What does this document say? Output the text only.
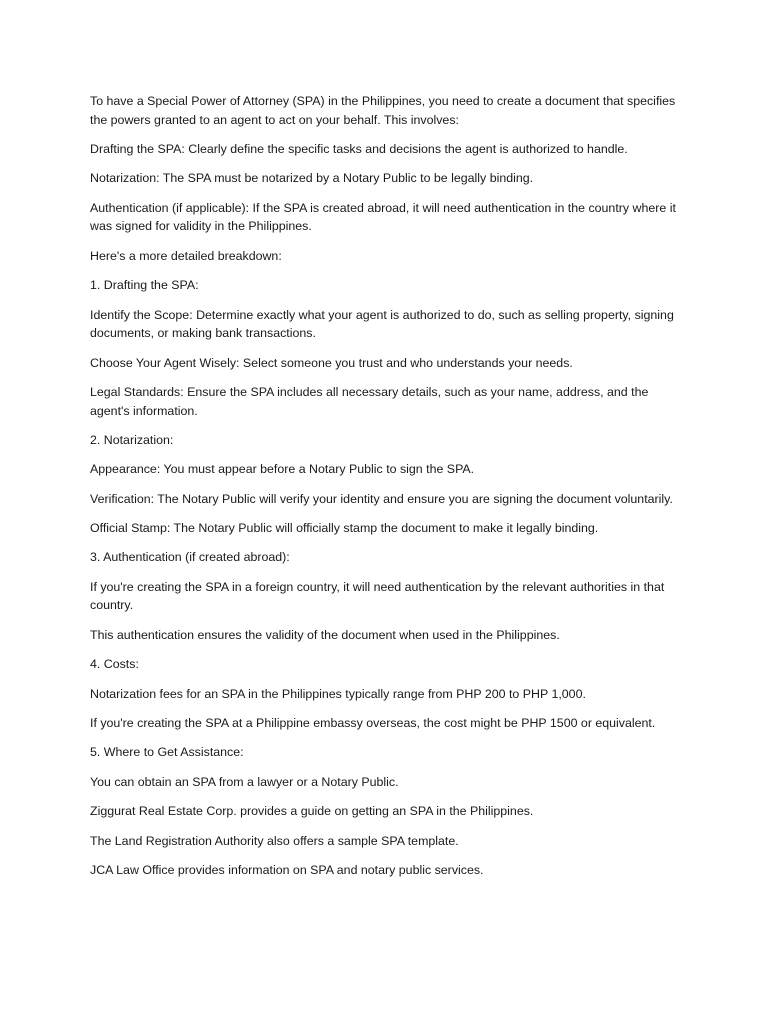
To have a Special Power of Attorney (SPA) in the Philippines, you need to create a document that specifies the powers granted to an agent to act on your behalf. This involves:

Drafting the SPA: Clearly define the specific tasks and decisions the agent is authorized to handle.

Notarization: The SPA must be notarized by a Notary Public to be legally binding.

Authentication (if applicable): If the SPA is created abroad, it will need authentication in the country where it was signed for validity in the Philippines.

Here's a more detailed breakdown:

1. Drafting the SPA:

Identify the Scope: Determine exactly what your agent is authorized to do, such as selling property, signing documents, or making bank transactions.

Choose Your Agent Wisely: Select someone you trust and who understands your needs.

Legal Standards: Ensure the SPA includes all necessary details, such as your name, address, and the agent's information.

2. Notarization:

Appearance: You must appear before a Notary Public to sign the SPA.

Verification: The Notary Public will verify your identity and ensure you are signing the document voluntarily.

Official Stamp: The Notary Public will officially stamp the document to make it legally binding.

3. Authentication (if created abroad):

If you're creating the SPA in a foreign country, it will need authentication by the relevant authorities in that country.

This authentication ensures the validity of the document when used in the Philippines.

4. Costs:

Notarization fees for an SPA in the Philippines typically range from PHP 200 to PHP 1,000.

If you're creating the SPA at a Philippine embassy overseas, the cost might be PHP 1500 or equivalent.

5. Where to Get Assistance:

You can obtain an SPA from a lawyer or a Notary Public.

Ziggurat Real Estate Corp. provides a guide on getting an SPA in the Philippines.

The Land Registration Authority also offers a sample SPA template.

JCA Law Office provides information on SPA and notary public services.
